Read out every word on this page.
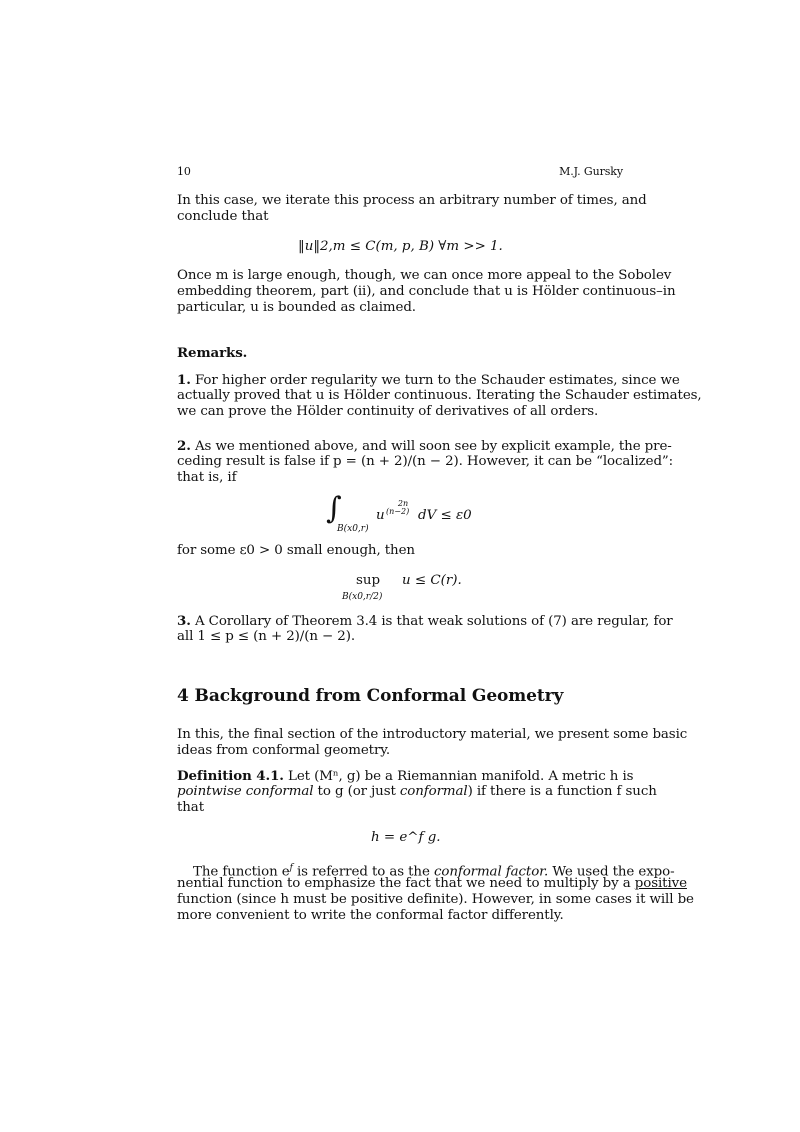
10	M.J. Gursky
In this case, we iterate this process an arbitrary number of times, and
conclude that
‖u‖2,m ≤ C(m, p, B) ∀m >> 1.
Once m is large enough, though, we can once more appeal to the Sobolev
embedding theorem, part (ii), and conclude that u is Hölder continuous–in
particular, u is bounded as claimed.
Remarks.
1. For higher order regularity we turn to the Schauder estimates, since we
actually proved that u is Hölder continuous. Iterating the Schauder estimates,
we can prove the Hölder continuity of derivatives of all orders.
2. As we mentioned above, and will soon see by explicit example, the pre-
ceding result is false if p = (n + 2)/(n − 2). However, it can be “localized”:
that is, if
∫
B(x0,r)
u
2n
(n−2) dV ≤ ε0
for some ε0 > 0 small enough, then
sup
B(x0,r/2)
u ≤ C(r).
3. A Corollary of Theorem 3.4 is that weak solutions of (7) are regular, for
all 1 ≤ p ≤ (n + 2)/(n − 2).
4 Background from Conformal Geometry
In this, the final section of the introductory material, we present some basic
ideas from conformal geometry.
Definition 4.1. Let (Mⁿ, g) be a Riemannian manifold. A metric h is
pointwise conformal to g (or just conformal) if there is a function f such
that
h = e^f g.
The function $e^f$ is referred to as the conformal factor. We used the expo-
nential function to emphasize the fact that we need to multiply by a positive
function (since h must be positive definite). However, in some cases it will be
more convenient to write the conformal factor differently.
